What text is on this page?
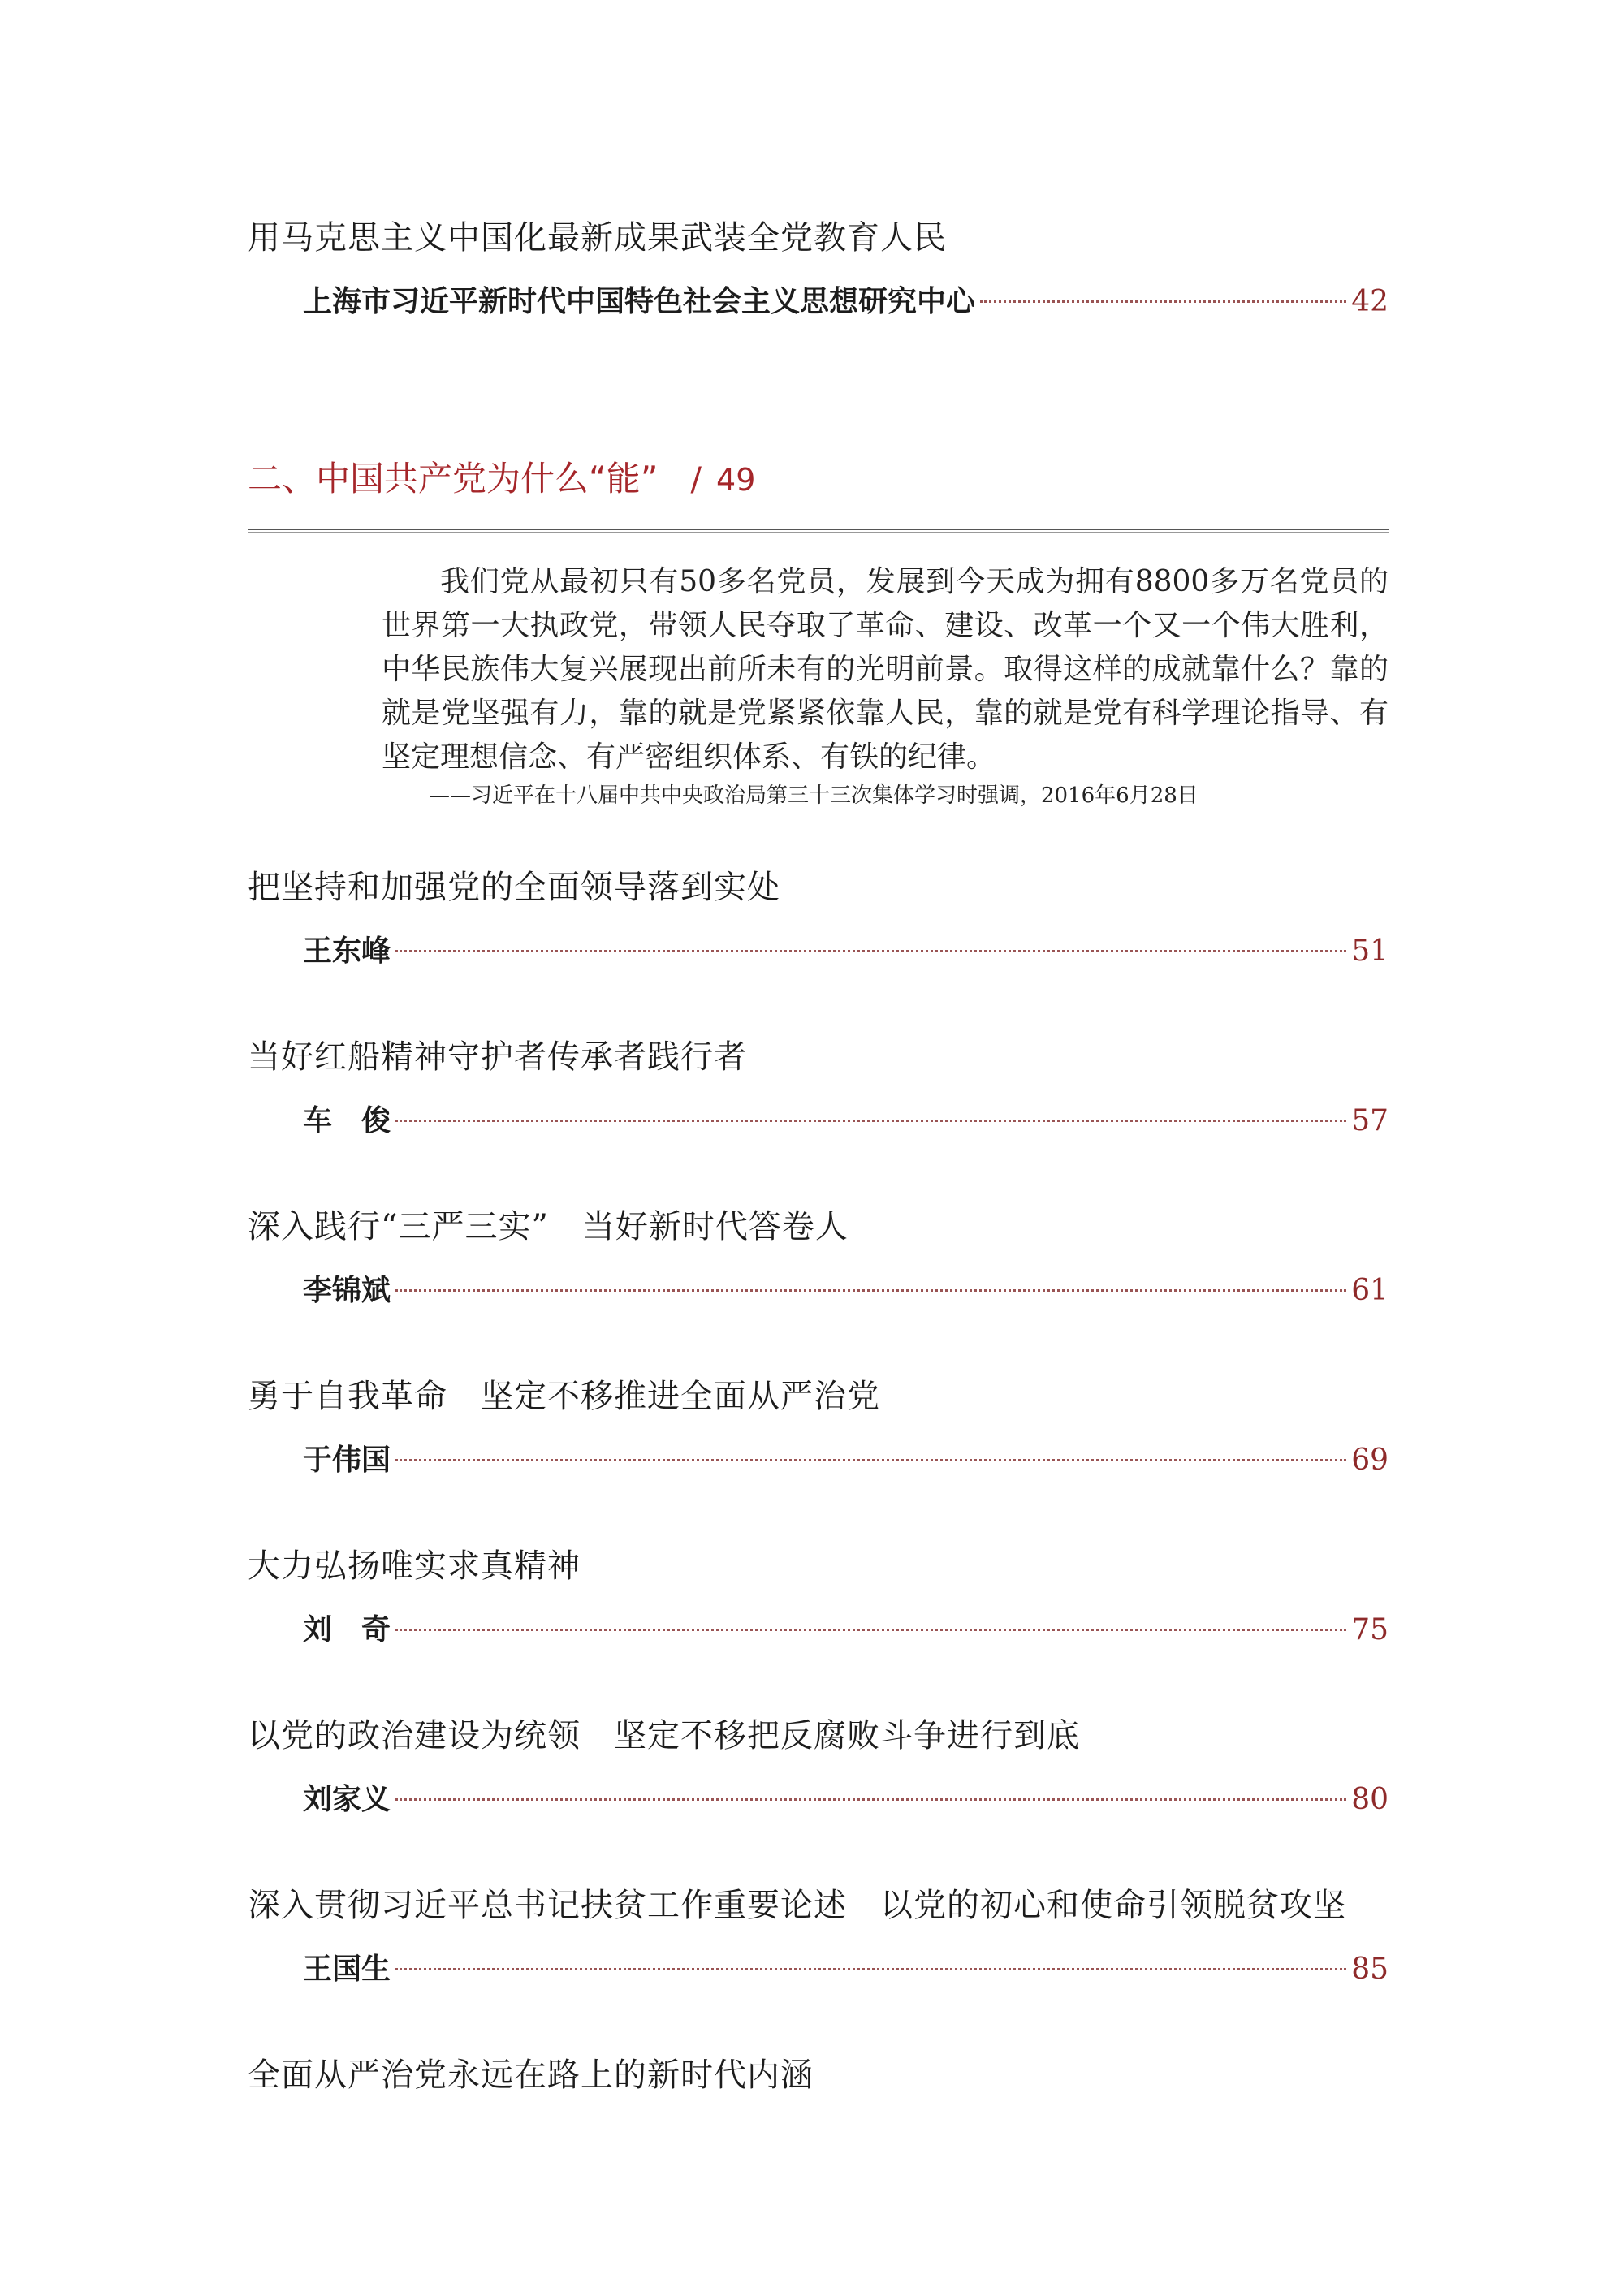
用马克思主义中国化最新成果武装全党教育人民
上海市习近平新时代中国特色社会主义思想研究中心	42
二、中国共产党为什么“能” / 49
我们党从最初只有50多名党员，发展到今天成为拥有8800多万名党员的世界第一大执政党，带领人民夺取了革命、建设、改革一个又一个伟大胜利，中华民族伟大复兴展现出前所未有的光明前景。取得这样的成就靠什么？靠的就是党坚强有力，靠的就是党紧紧依靠人民，靠的就是党有科学理论指导、有坚定理想信念、有严密组织体系、有铁的纪律。
——习近平在十八届中共中央政治局第三十三次集体学习时强调，2016年6月28日
把坚持和加强党的全面领导落到实处
王东峰	51
当好红船精神守护者传承者践行者
车　俊	57
深入践行“三严三实”　当好新时代答卷人
李锦斌	61
勇于自我革命　坚定不移推进全面从严治党
于伟国	69
大力弘扬唯实求真精神
刘　奇	75
以党的政治建设为统领　坚定不移把反腐败斗争进行到底
刘家义	80
深入贯彻习近平总书记扶贫工作重要论述　以党的初心和使命引领脱贫攻坚
王国生	85
全面从严治党永远在路上的新时代内涵
